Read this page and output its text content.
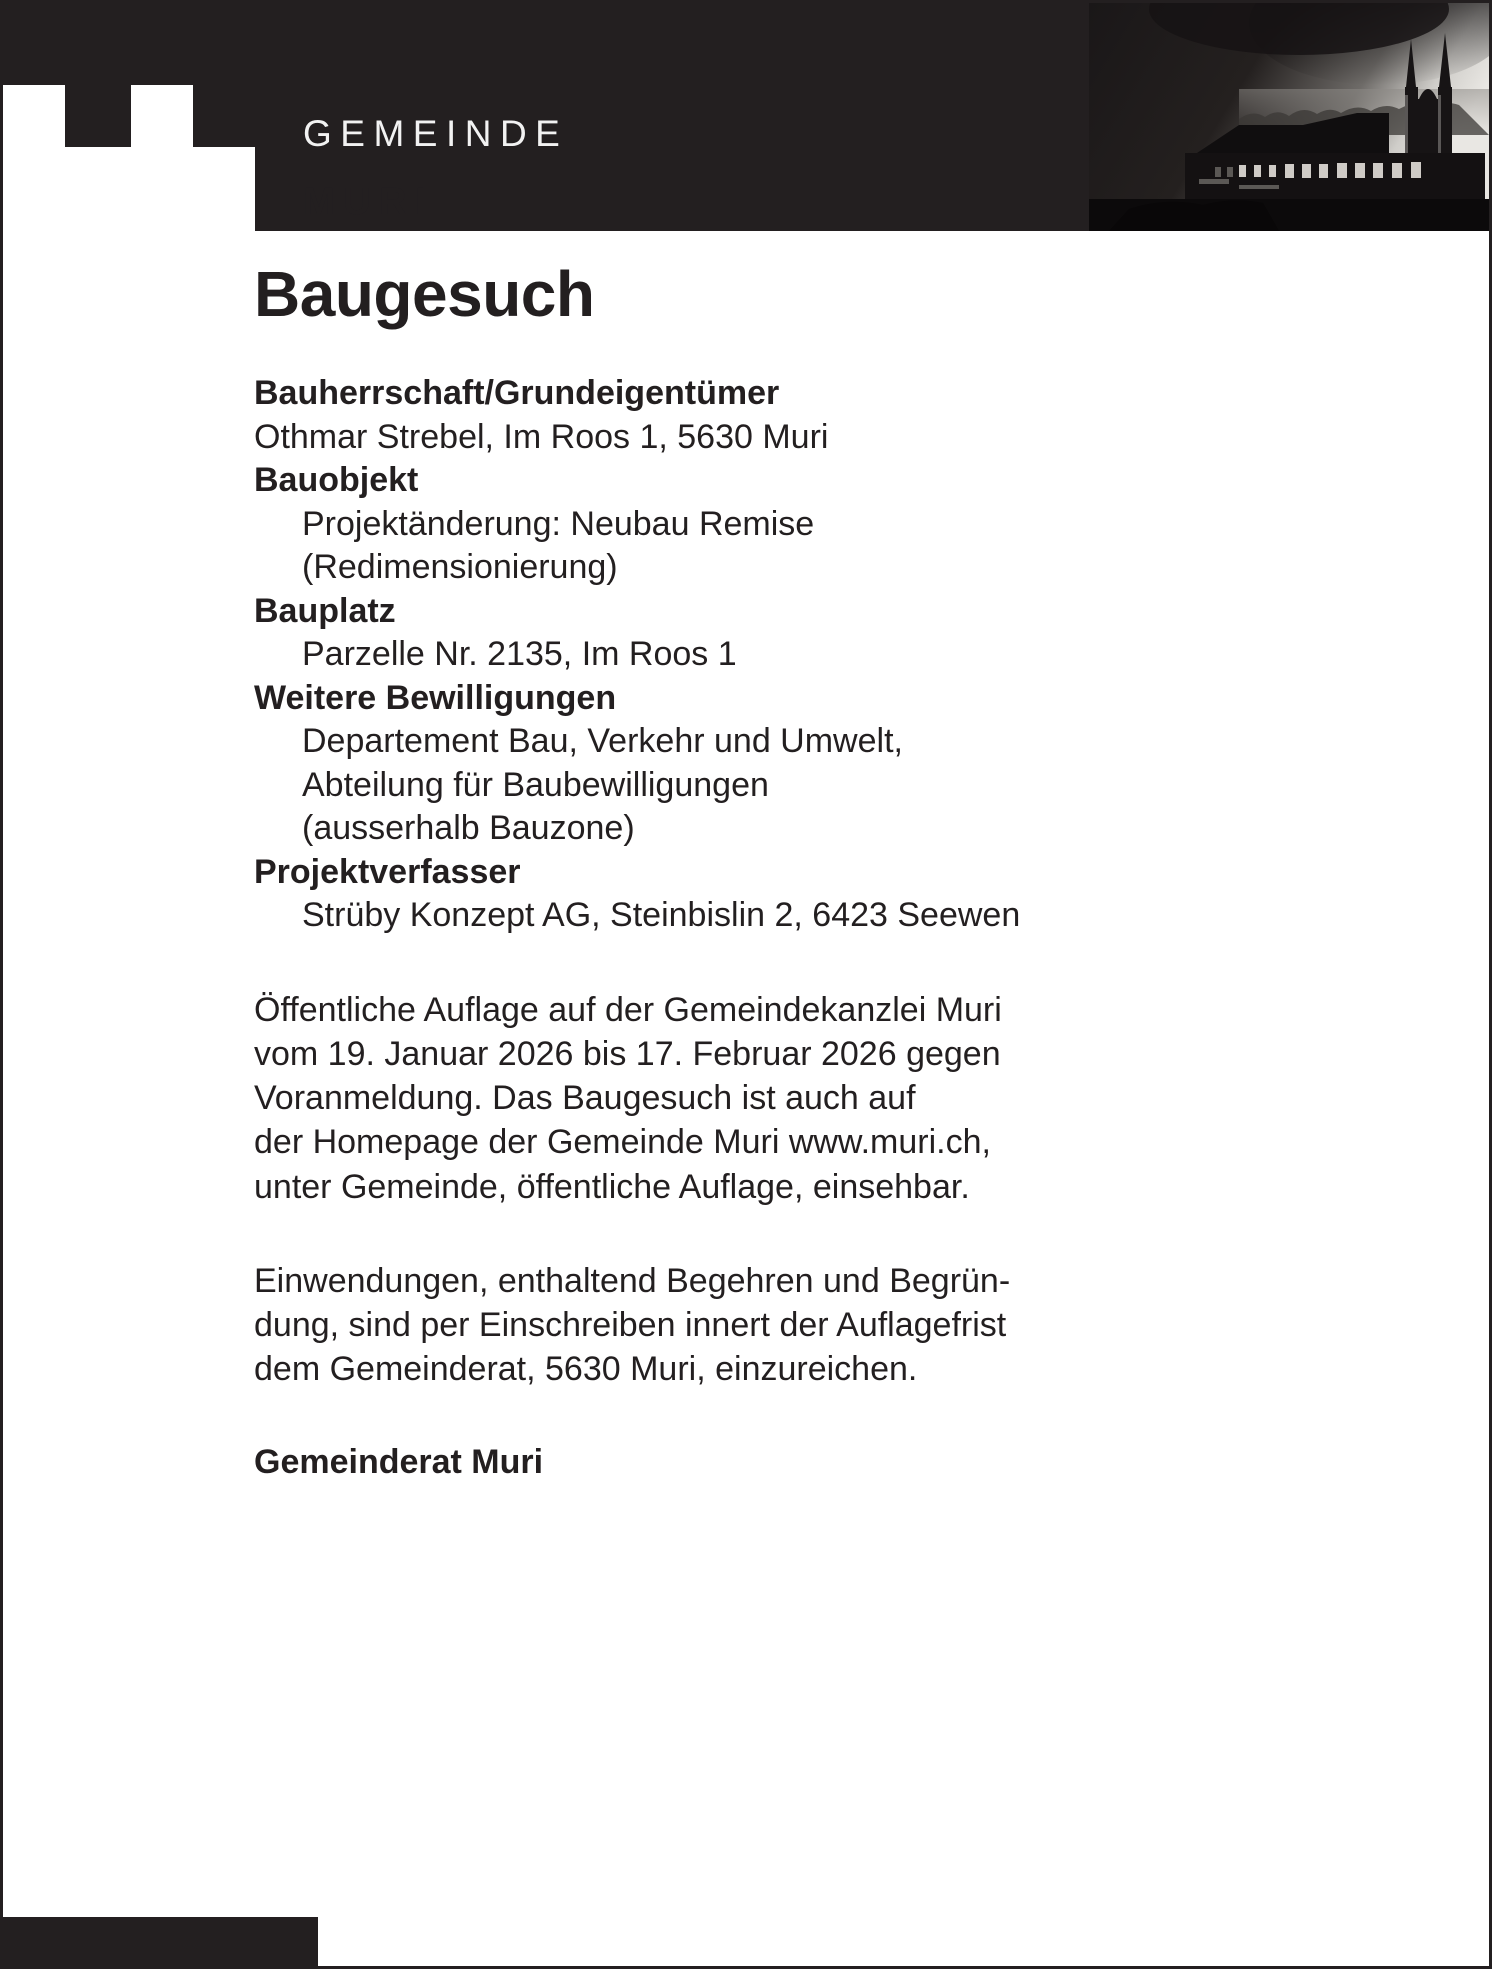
GEMEINDE
MURI
Baugesuch
Bauherrschaft/Grundeigentümer
Othmar Strebel, Im Roos 1, 5630 Muri
Bauobjekt
Projektänderung: Neubau Remise
(Redimensionierung)
Bauplatz
Parzelle Nr. 2135, Im Roos 1
Weitere Bewilligungen
Departement Bau, Verkehr und Umwelt,
Abteilung für Baubewilligungen
(ausserhalb Bauzone)
Projektverfasser
Strüby Konzept AG, Steinbislin 2, 6423 Seewen
Öffentliche Auflage auf der Gemeindekanzlei Muri
vom 19. Januar 2026 bis 17. Februar 2026 gegen
Voranmeldung. Das Baugesuch ist auch auf
der Homepage der Gemeinde Muri www.muri.ch,
unter Gemeinde, öffentliche Auflage, einsehbar.
Einwendungen, enthaltend Begehren und Begrün-
dung, sind per Einschreiben innert der Auflagefrist
dem Gemeinderat, 5630 Muri, einzureichen.
Gemeinderat Muri
